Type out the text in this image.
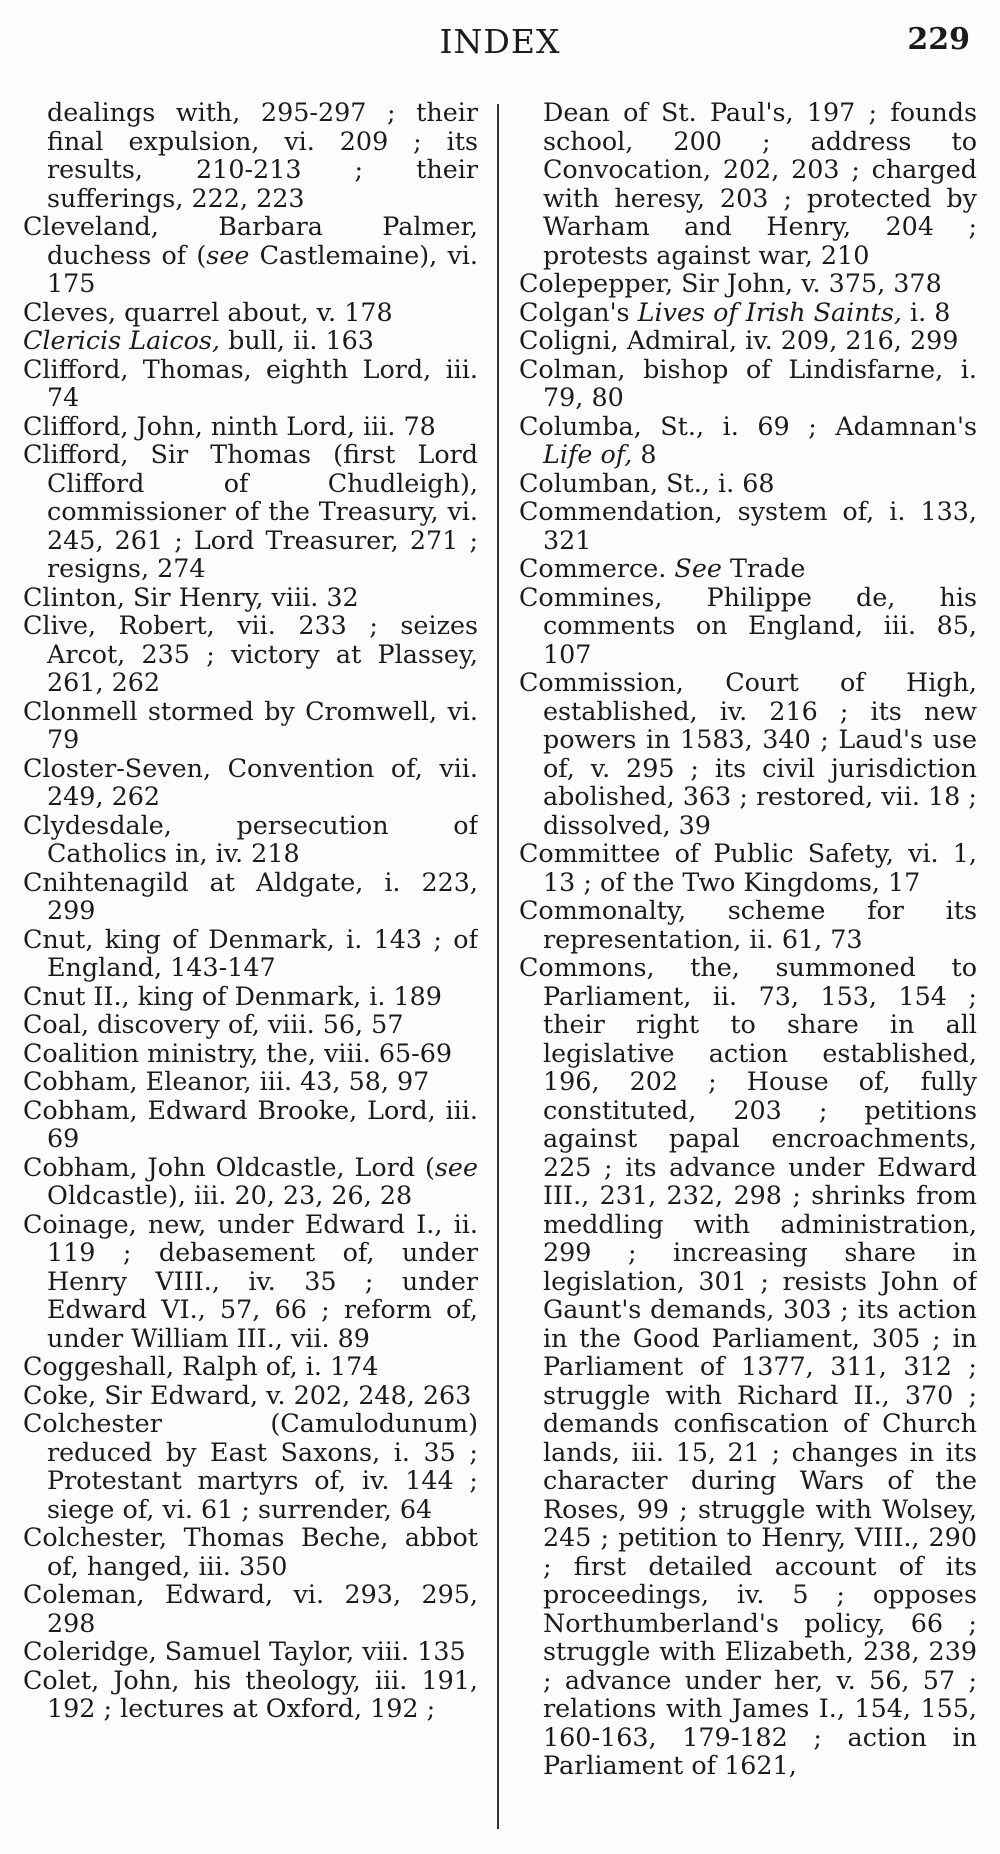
INDEX	229

dealings with, 295-297 ; their final expulsion, vi. 209 ; its results, 210-213 ; their sufferings, 222, 223

Cleveland, Barbara Palmer, duchess of (see Castlemaine), vi. 175

Cleves, quarrel about, v. 178

Clericis Laicos, bull, ii. 163

Clifford, Thomas, eighth Lord, iii. 74

Clifford, John, ninth Lord, iii. 78

Clifford, Sir Thomas (first Lord Clifford of Chudleigh), commissioner of the Treasury, vi. 245, 261 ; Lord Treasurer, 271 ; resigns, 274

Clinton, Sir Henry, viii. 32

Clive, Robert, vii. 233 ; seizes Arcot, 235 ; victory at Plassey, 261, 262

Clonmell stormed by Cromwell, vi. 79

Closter-Seven, Convention of, vii. 249, 262

Clydesdale, persecution of Catholics in, iv. 218

Cnihtenagild at Aldgate, i. 223, 299

Cnut, king of Denmark, i. 143 ; of England, 143-147

Cnut II., king of Denmark, i. 189

Coal, discovery of, viii. 56, 57

Coalition ministry, the, viii. 65-69

Cobham, Eleanor, iii. 43, 58, 97

Cobham, Edward Brooke, Lord, iii. 69

Cobham, John Oldcastle, Lord (see Oldcastle), iii. 20, 23, 26, 28

Coinage, new, under Edward I., ii. 119 ; debasement of, under Henry VIII., iv. 35 ; under Edward VI., 57, 66 ; reform of, under William III., vii. 89

Coggeshall, Ralph of, i. 174

Coke, Sir Edward, v. 202, 248, 263

Colchester (Camulodunum) reduced by East Saxons, i. 35 ; Protestant martyrs of, iv. 144 ; siege of, vi. 61 ; surrender, 64

Colchester, Thomas Beche, abbot of, hanged, iii. 350

Coleman, Edward, vi. 293, 295, 298

Coleridge, Samuel Taylor, viii. 135

Colet, John, his theology, iii. 191, 192 ; lectures at Oxford, 192 ;

Dean of St. Paul's, 197 ; founds school, 200 ; address to Convocation, 202, 203 ; charged with heresy, 203 ; protected by Warham and Henry, 204 ; protests against war, 210

Colepepper, Sir John, v. 375, 378

Colgan's Lives of Irish Saints, i. 8

Coligni, Admiral, iv. 209, 216, 299

Colman, bishop of Lindisfarne, i. 79, 80

Columba, St., i. 69 ; Adamnan's Life of, 8

Columban, St., i. 68

Commendation, system of, i. 133, 321

Commerce. See Trade

Commines, Philippe de, his comments on England, iii. 85, 107

Commission, Court of High, established, iv. 216 ; its new powers in 1583, 340 ; Laud's use of, v. 295 ; its civil jurisdiction abolished, 363 ; restored, vii. 18 ; dissolved, 39

Committee of Public Safety, vi. 1, 13 ; of the Two Kingdoms, 17

Commonalty, scheme for its representation, ii. 61, 73

Commons, the, summoned to Parliament, ii. 73, 153, 154 ; their right to share in all legislative action established, 196, 202 ; House of, fully constituted, 203 ; petitions against papal encroachments, 225 ; its advance under Edward III., 231, 232, 298 ; shrinks from meddling with administration, 299 ; increasing share in legislation, 301 ; resists John of Gaunt's demands, 303 ; its action in the Good Parliament, 305 ; in Parliament of 1377, 311, 312 ; struggle with Richard II., 370 ; demands confiscation of Church lands, iii. 15, 21 ; changes in its character during Wars of the Roses, 99 ; struggle with Wolsey, 245 ; petition to Henry, VIII., 290 ; first detailed account of its proceedings, iv. 5 ; opposes Northumberland's policy, 66 ; struggle with Elizabeth, 238, 239 ; advance under her, v. 56, 57 ; relations with James I., 154, 155, 160-163, 179-182 ; action in Parliament of 1621,
